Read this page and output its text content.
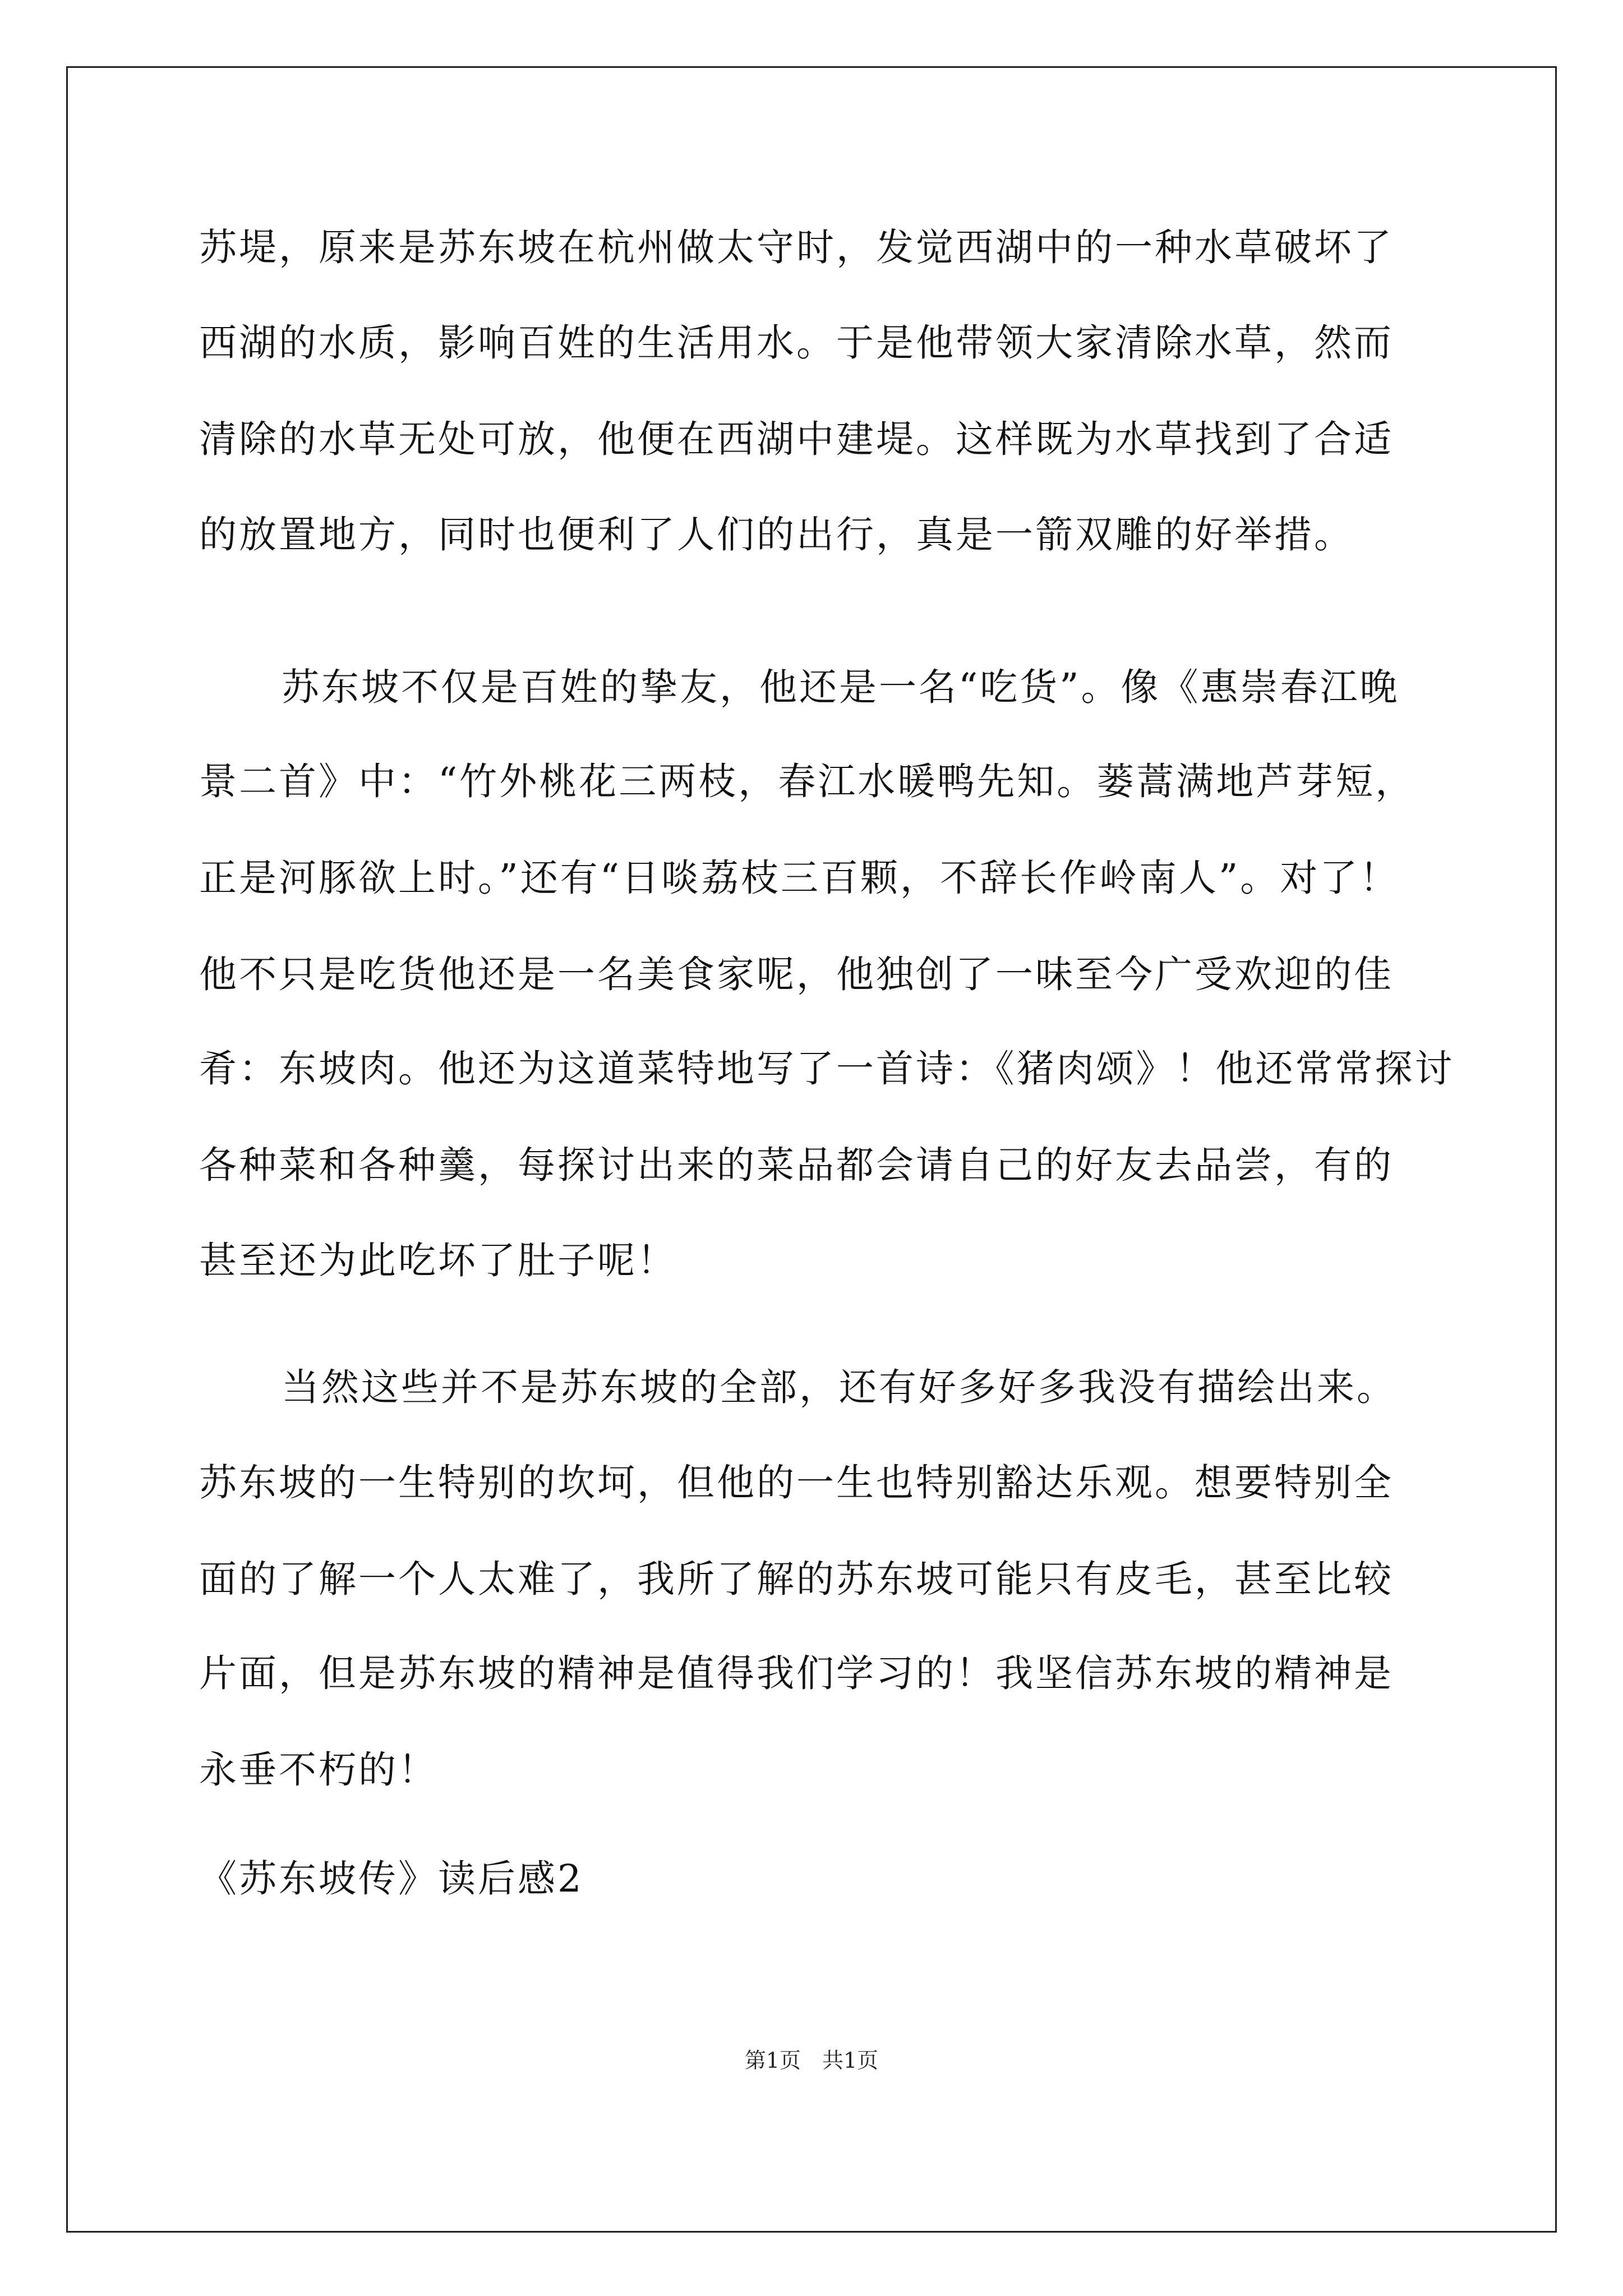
苏堤，原来是苏东坡在杭州做太守时，发觉西湖中的一种水草破坏了
西湖的水质，影响百姓的生活用水。于是他带领大家清除水草，然而
清除的水草无处可放，他便在西湖中建堤。这样既为水草找到了合适
的放置地方，同时也便利了人们的出行，真是一箭双雕的好举措。
苏东坡不仅是百姓的挚友，他还是一名“吃货”。像《惠崇春江晚
景二首》中：“竹外桃花三两枝，春江水暖鸭先知。蒌蒿满地芦芽短，
正是河豚欲上时。”还有“日啖荔枝三百颗，不辞长作岭南人”。对了！
他不只是吃货他还是一名美食家呢，他独创了一味至今广受欢迎的佳
肴：东坡肉。他还为这道菜特地写了一首诗：《猪肉颂》！他还常常探讨
各种菜和各种羹，每探讨出来的菜品都会请自己的好友去品尝，有的
甚至还为此吃坏了肚子呢！
当然这些并不是苏东坡的全部，还有好多好多我没有描绘出来。
苏东坡的一生特别的坎坷，但他的一生也特别豁达乐观。想要特别全
面的了解一个人太难了，我所了解的苏东坡可能只有皮毛，甚至比较
片面，但是苏东坡的精神是值得我们学习的！我坚信苏东坡的精神是
永垂不朽的！
《苏东坡传》读后感2
第1页　共1页
